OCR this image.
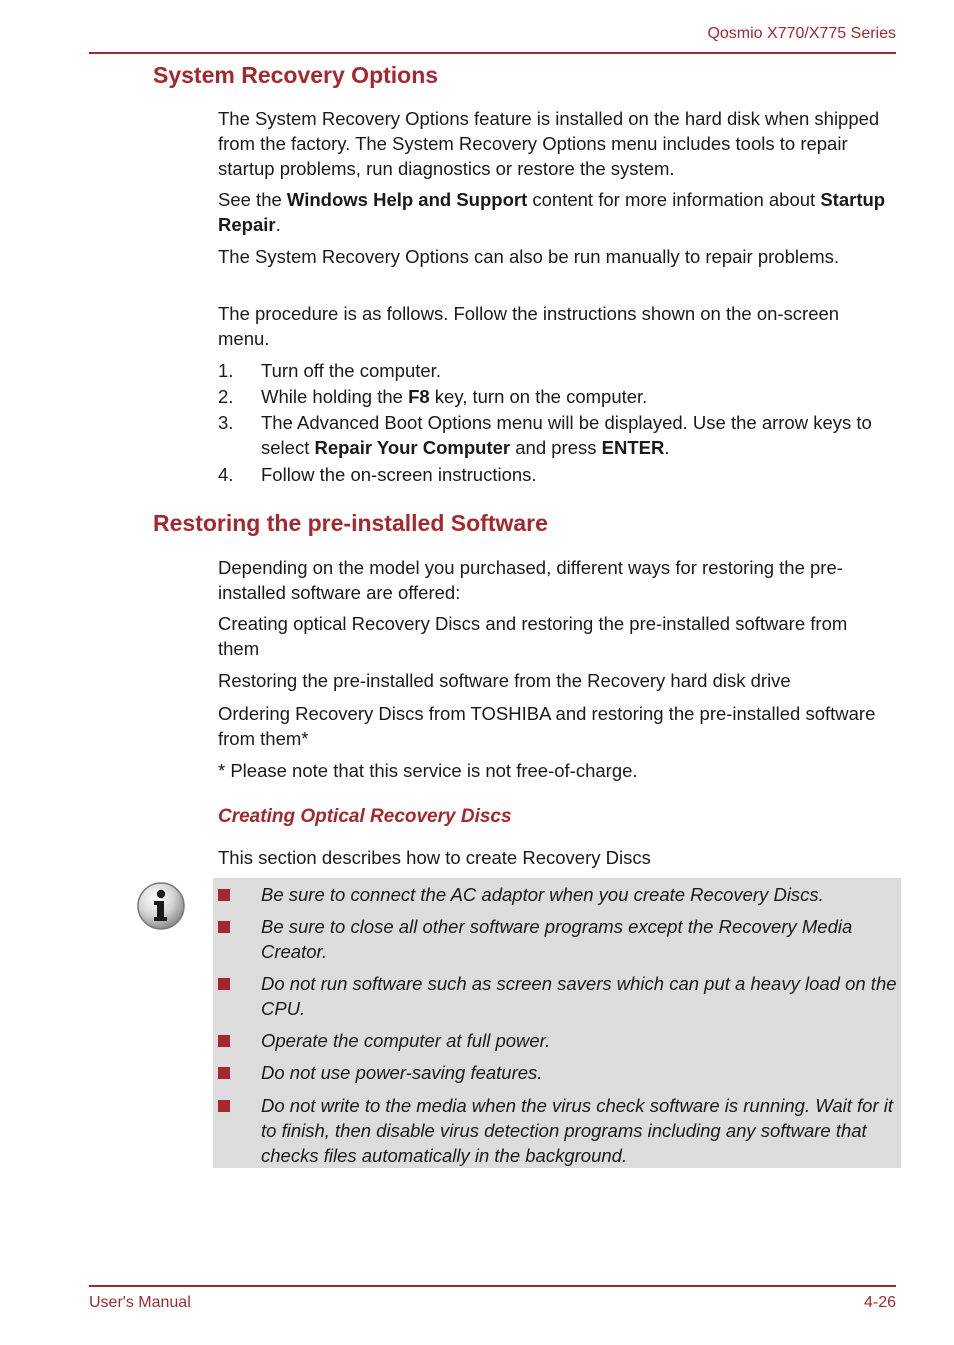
Qosmio X770/X775 Series
System Recovery Options

The System Recovery Options feature is installed on the hard disk when shipped from the factory. The System Recovery Options menu includes tools to repair startup problems, run diagnostics or restore the system.

See the Windows Help and Support content for more information about Startup Repair.

The System Recovery Options can also be run manually to repair problems.

The procedure is as follows. Follow the instructions shown on the on-screen menu.

1. Turn off the computer.
2. While holding the F8 key, turn on the computer.
3. The Advanced Boot Options menu will be displayed. Use the arrow keys to select Repair Your Computer and press ENTER.
4. Follow the on-screen instructions.
Restoring the pre-installed Software

Depending on the model you purchased, different ways for restoring the pre-installed software are offered:

Creating optical Recovery Discs and restoring the pre-installed software from them

Restoring the pre-installed software from the Recovery hard disk drive

Ordering Recovery Discs from TOSHIBA and restoring the pre-installed software from them*

* Please note that this service is not free-of-charge.

Creating Optical Recovery Discs

This section describes how to create Recovery Discs

Be sure to connect the AC adaptor when you create Recovery Discs.
Be sure to close all other software programs except the Recovery Media Creator.
Do not run software such as screen savers which can put a heavy load on the CPU.
Operate the computer at full power.
Do not use power-saving features.
Do not write to the media when the virus check software is running. Wait for it to finish, then disable virus detection programs including any software that checks files automatically in the background.
User's Manual	4-26
